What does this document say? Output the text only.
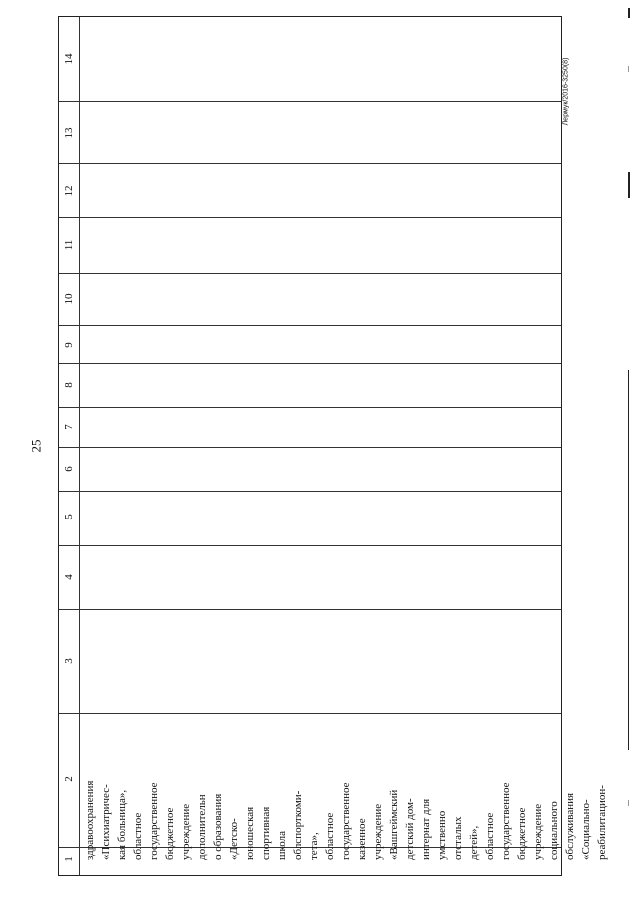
1
2
3
4
5
6
7
8
9
10
11
12
13
14
здравоохранения «Психиатричес- кая больница», областное государственное бюджетное учреждение дополнительн о образования «Детско- юношеская спортивная школа облспорткоми- тета», областное государственное казенное учреждение «Вашгеймский детский дом- интернат для умственно отсталых детей», областное государственное бюджетное учреждение социального обслуживания «Социально- реабилитацион-
25
Лермук/2016-3250(8)
